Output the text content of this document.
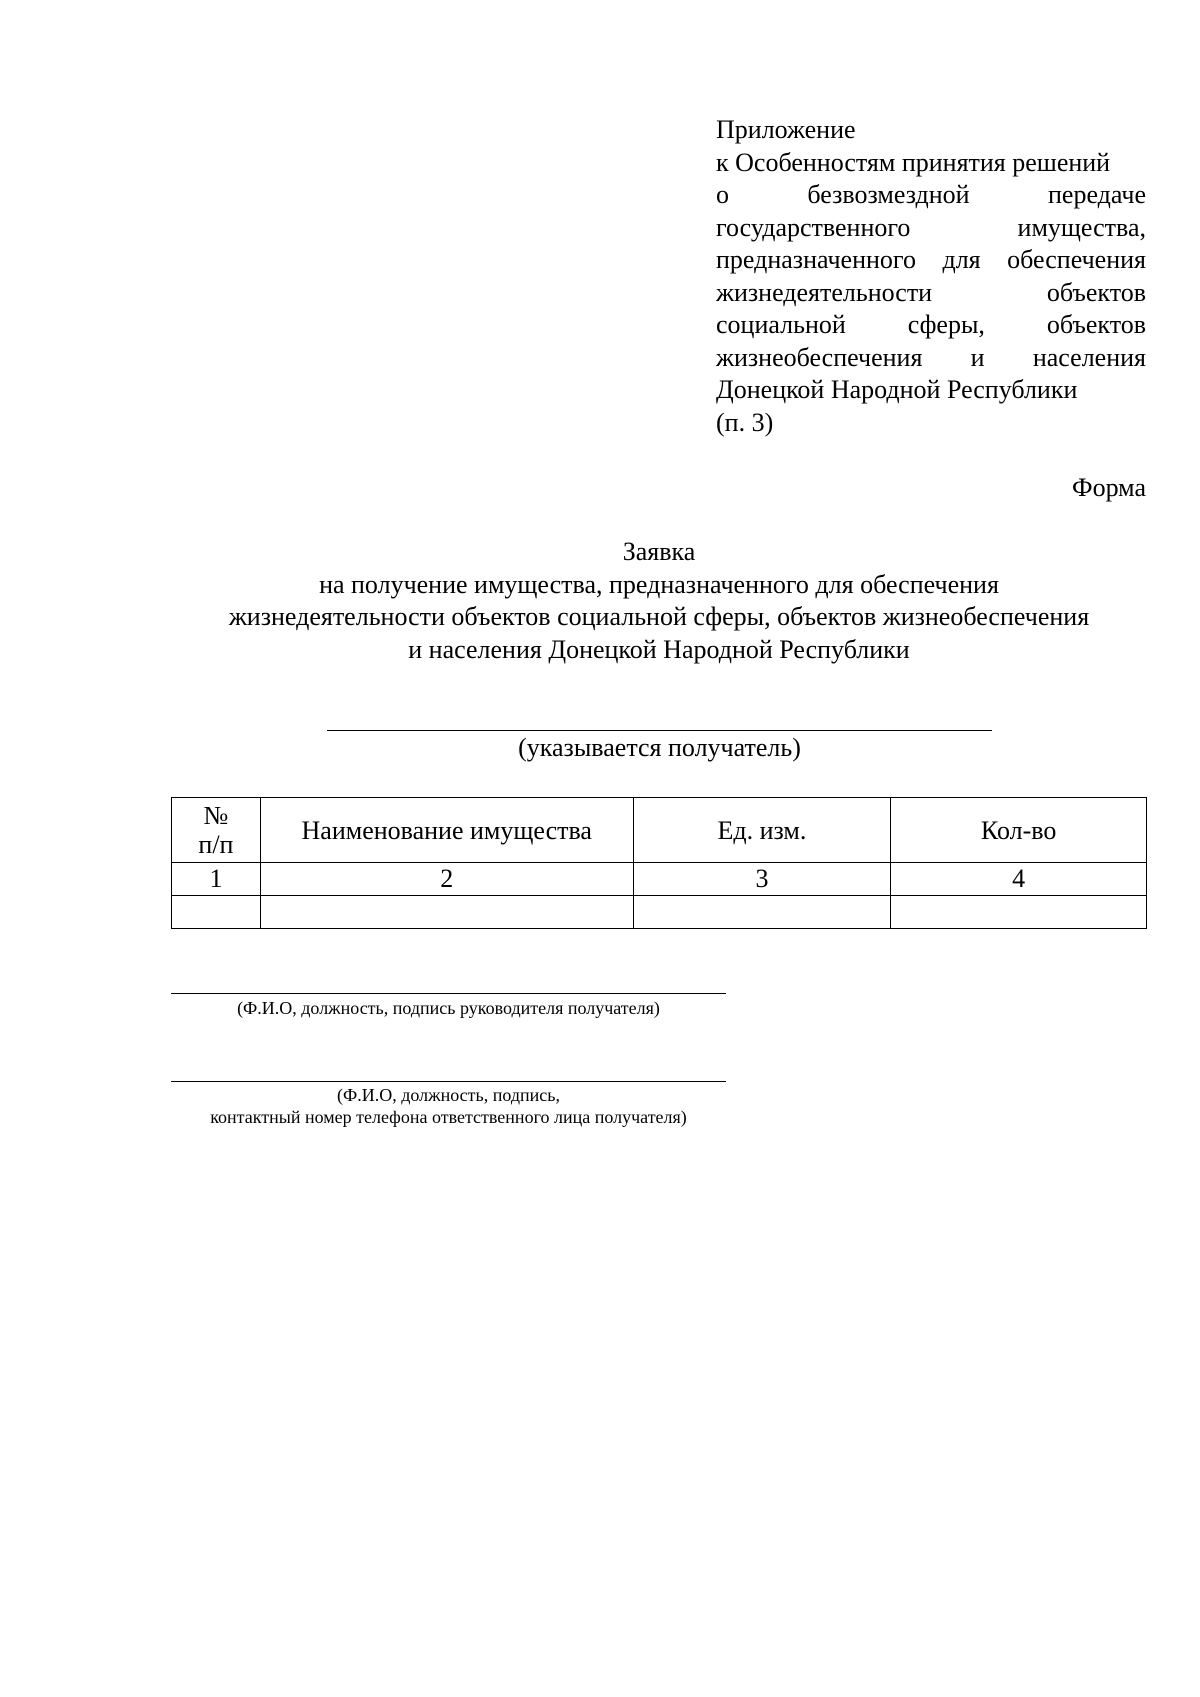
Приложение
к Особенностям принятия решений
о безвозмездной передаче
государственного имущества,
предназначенного для обеспечения
жизнедеятельности объектов
социальной сферы, объектов
жизнеобеспечения и населения
Донецкой Народной Республики
(п. 3)
Форма
Заявка
на получение имущества, предназначенного для обеспечения
жизнедеятельности объектов социальной сферы, объектов жизнеобеспечения
и населения Донецкой Народной Республики
(указывается получатель)
№
п/п	Наименование имущества	Ед. изм.	Кол-во
1	2	3	4

(Ф.И.О, должность, подпись руководителя получателя)
(Ф.И.О, должность, подпись,
контактный номер телефона ответственного лица получателя)
